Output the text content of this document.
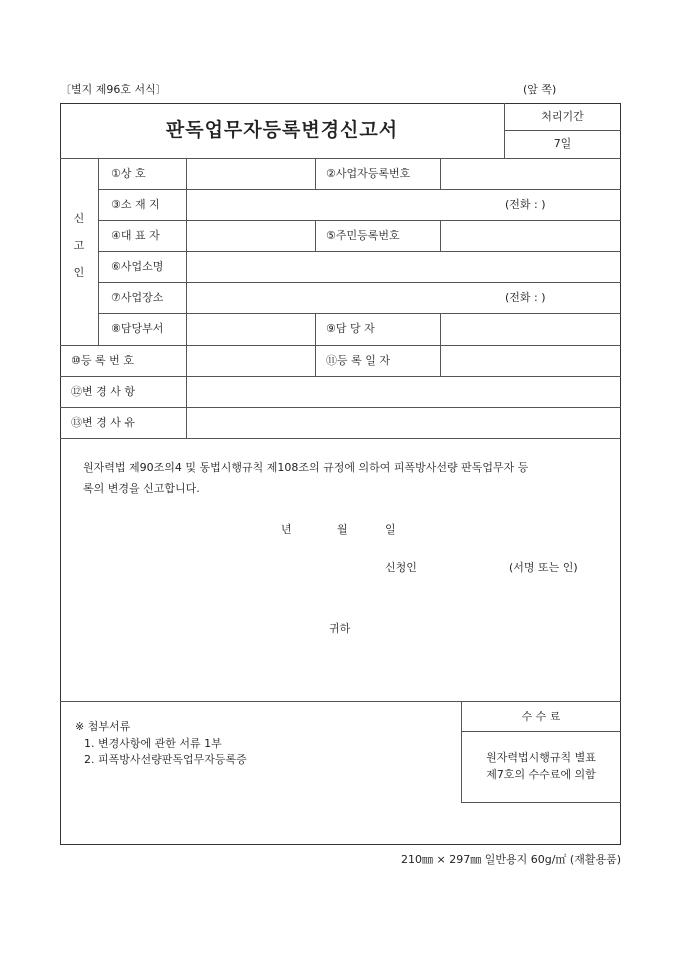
〔별지 제96호 서식〕	(앞 쪽)
판독업무자등록변경신고서
처리기간
7일
신
고
인
①상 호	②사업자등록번호
③소 재 지	(전화 : )
④대 표 자	⑤주민등록번호
⑥사업소명
⑦사업장소	(전화 : )
⑧담당부서	⑨담 당 자
⑩등 록 번 호	⑪등 록 일 자
⑫변 경 사 항
⑬변 경 사 유
원자력법 제90조의4 및 동법시행규칙 제108조의 규정에 의하여 피폭방사선량 판독업무자 등
록의 변경을 신고합니다.
년	월	일
신청인	(서명 또는 인)
귀하
※ 첨부서류
1. 변경사항에 관한 서류 1부
2. 피폭방사선량판독업무자등록증
수 수 료
원자력법시행규칙 별표
제7호의 수수료에 의함
210㎜ × 297㎜ 일반용지 60g/㎡ (재활용품)
